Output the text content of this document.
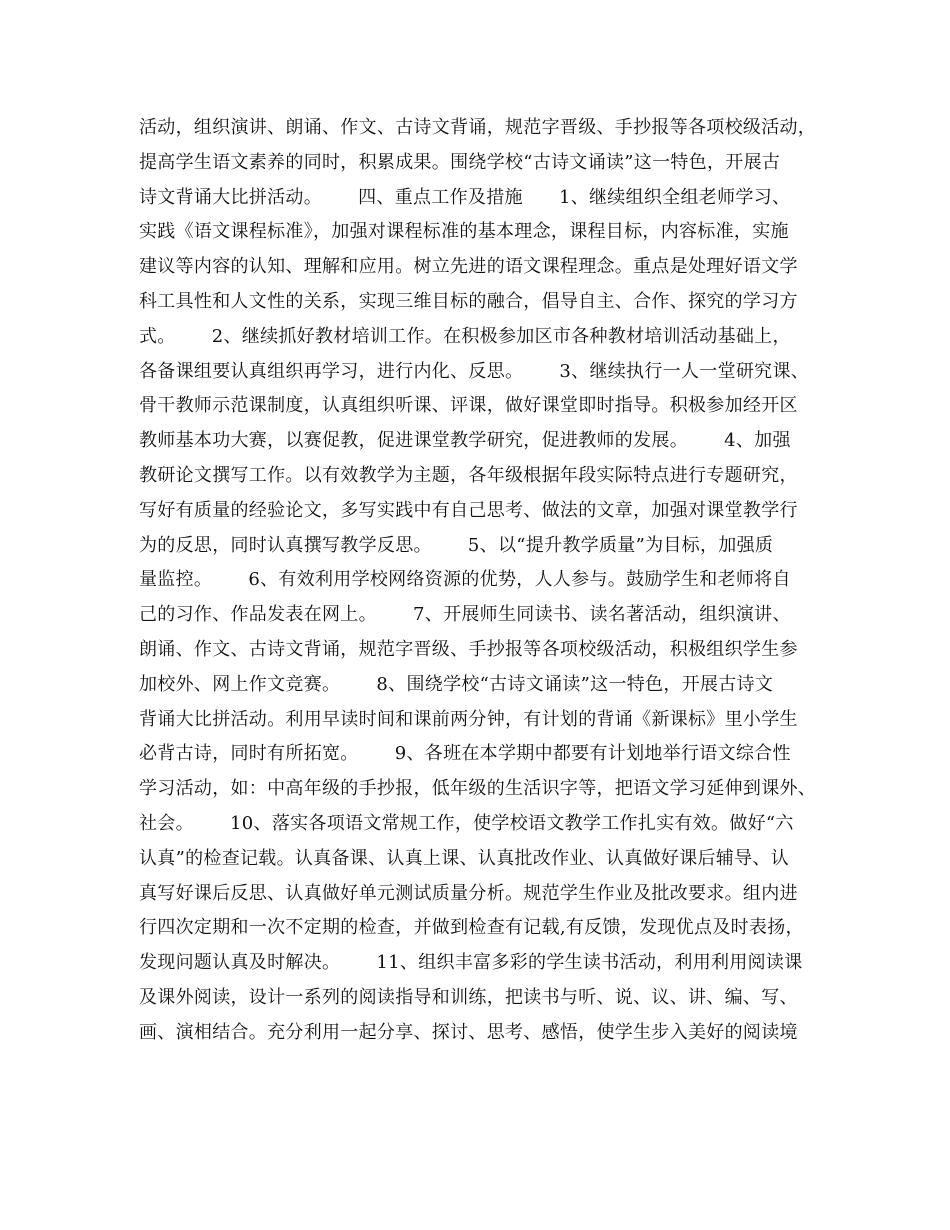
活动，组织演讲、朗诵、作文、古诗文背诵，规范字晋级、手抄报等各项校级活动，
提高学生语文素养的同时，积累成果。围绕学校“古诗文诵读”这一特色，开展古
诗文背诵大比拼活动。      四、重点工作及措施      1、继续组织全组老师学习、
实践《语文课程标准》，加强对课程标准的基本理念，课程目标，内容标准，实施
建议等内容的认知、理解和应用。树立先进的语文课程理念。重点是处理好语文学
科工具性和人文性的关系，实现三维目标的融合，倡导自主、合作、探究的学习方
式。      2、继续抓好教材培训工作。在积极参加区市各种教材培训活动基础上，
各备课组要认真组织再学习，进行内化、反思。      3、继续执行一人一堂研究课、
骨干教师示范课制度，认真组织听课、评课，做好课堂即时指导。积极参加经开区
教师基本功大赛，以赛促教，促进课堂教学研究，促进教师的发展。      4、加强
教研论文撰写工作。以有效教学为主题，各年级根据年段实际特点进行专题研究，
写好有质量的经验论文，多写实践中有自己思考、做法的文章，加强对课堂教学行
为的反思，同时认真撰写教学反思。      5、以“提升教学质量”为目标，加强质
量监控。      6、有效利用学校网络资源的优势，人人参与。鼓励学生和老师将自
己的习作、作品发表在网上。      7、开展师生同读书、读名著活动，组织演讲、
朗诵、作文、古诗文背诵，规范字晋级、手抄报等各项校级活动，积极组织学生参
加校外、网上作文竞赛。      8、围绕学校“古诗文诵读”这一特色，开展古诗文
背诵大比拼活动。利用早读时间和课前两分钟，有计划的背诵《新课标》里小学生
必背古诗，同时有所拓宽。      9、各班在本学期中都要有计划地举行语文综合性
学习活动，如：中高年级的手抄报，低年级的生活识字等，把语文学习延伸到课外、
社会。      10、落实各项语文常规工作，使学校语文教学工作扎实有效。做好“六
认真”的检查记载。认真备课、认真上课、认真批改作业、认真做好课后辅导、认
真写好课后反思、认真做好单元测试质量分析。规范学生作业及批改要求。组内进
行四次定期和一次不定期的检查，并做到检查有记载,有反馈，发现优点及时表扬，
发现问题认真及时解决。      11、组织丰富多彩的学生读书活动，利用利用阅读课
及课外阅读，设计一系列的阅读指导和训练，把读书与听、说、议、讲、编、写、
画、演相结合。充分利用一起分享、探讨、思考、感悟，使学生步入美好的阅读境
